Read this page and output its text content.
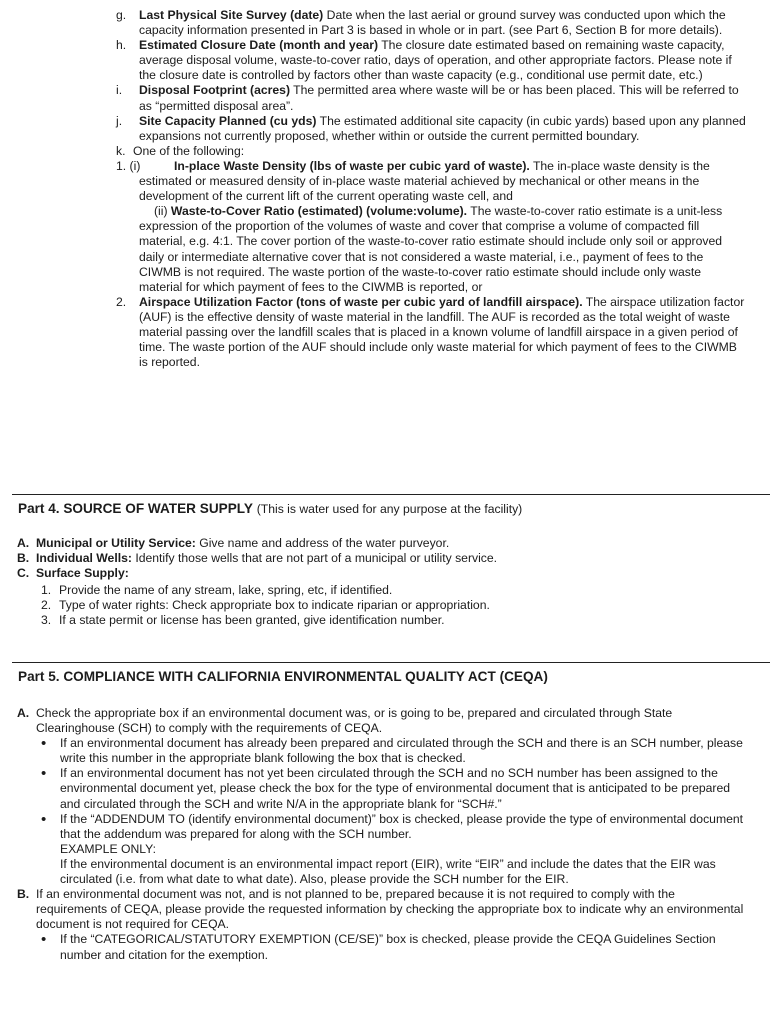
g. Last Physical Site Survey (date) Date when the last aerial or ground survey was conducted upon which the capacity information presented in Part 3 is based in whole or in part. (see Part 6, Section B for more details).
h. Estimated Closure Date (month and year) The closure date estimated based on remaining waste capacity, average disposal volume, waste-to-cover ratio, days of operation, and other appropriate factors. Please note if the closure date is controlled by factors other than waste capacity (e.g., conditional use permit date, etc.)
i. Disposal Footprint (acres) The permitted area where waste will be or has been placed. This will be referred to as “permitted disposal area”.
j. Site Capacity Planned (cu yds) The estimated additional site capacity (in cubic yards) based upon any planned expansions not currently proposed, whether within or outside the current permitted boundary.
k. One of the following:
1. (i)	In-place Waste Density (lbs of waste per cubic yard of waste). The in-place waste density is the estimated or measured density of in-place waste material achieved by mechanical or other means in the development of the current lift of the current operating waste cell, and
(ii) Waste-to-Cover Ratio (estimated) (volume:volume). The waste-to-cover ratio estimate is a unit-less expression of the proportion of the volumes of waste and cover that comprise a volume of compacted fill material, e.g. 4:1. The cover portion of the waste-to-cover ratio estimate should include only soil or approved daily or intermediate alternative cover that is not considered a waste material, i.e., payment of fees to the CIWMB is not required. The waste portion of the waste-to-cover ratio estimate should include only waste material for which payment of fees to the CIWMB is reported, or
2. Airspace Utilization Factor (tons of waste per cubic yard of landfill airspace). The airspace utilization factor (AUF) is the effective density of waste material in the landfill. The AUF is recorded as the total weight of waste material passing over the landfill scales that is placed in a known volume of landfill airspace in a given period of time. The waste portion of the AUF should include only waste material for which payment of fees to the CIWMB is reported.
Part 4. SOURCE OF WATER SUPPLY (This is water used for any purpose at the facility)
A. Municipal or Utility Service: Give name and address of the water purveyor.
B. Individual Wells: Identify those wells that are not part of a municipal or utility service.
C. Surface Supply:
1. Provide the name of any stream, lake, spring, etc, if identified.
2. Type of water rights: Check appropriate box to indicate riparian or appropriation.
3. If a state permit or license has been granted, give identification number.
Part 5. COMPLIANCE WITH CALIFORNIA ENVIRONMENTAL QUALITY ACT (CEQA)
A. Check the appropriate box if an environmental document was, or is going to be, prepared and circulated through State Clearinghouse (SCH) to comply with the requirements of CEQA.
• If an environmental document has already been prepared and circulated through the SCH and there is an SCH number, please write this number in the appropriate blank following the box that is checked.
• If an environmental document has not yet been circulated through the SCH and no SCH number has been assigned to the environmental document yet, please check the box for the type of environmental document that is anticipated to be prepared and circulated through the SCH and write N/A in the appropriate blank for “SCH#.”
• If the “ADDENDUM TO (identify environmental document)” box is checked, please provide the type of environmental document that the addendum was prepared for along with the SCH number.
EXAMPLE ONLY:
If the environmental document is an environmental impact report (EIR), write “EIR” and include the dates that the EIR was circulated (i.e. from what date to what date). Also, please provide the SCH number for the EIR.
B. If an environmental document was not, and is not planned to be, prepared because it is not required to comply with the requirements of CEQA, please provide the requested information by checking the appropriate box to indicate why an environmental document is not required for CEQA.
• If the “CATEGORICAL/STATUTORY EXEMPTION (CE/SE)” box is checked, please provide the CEQA Guidelines Section number and citation for the exemption.
